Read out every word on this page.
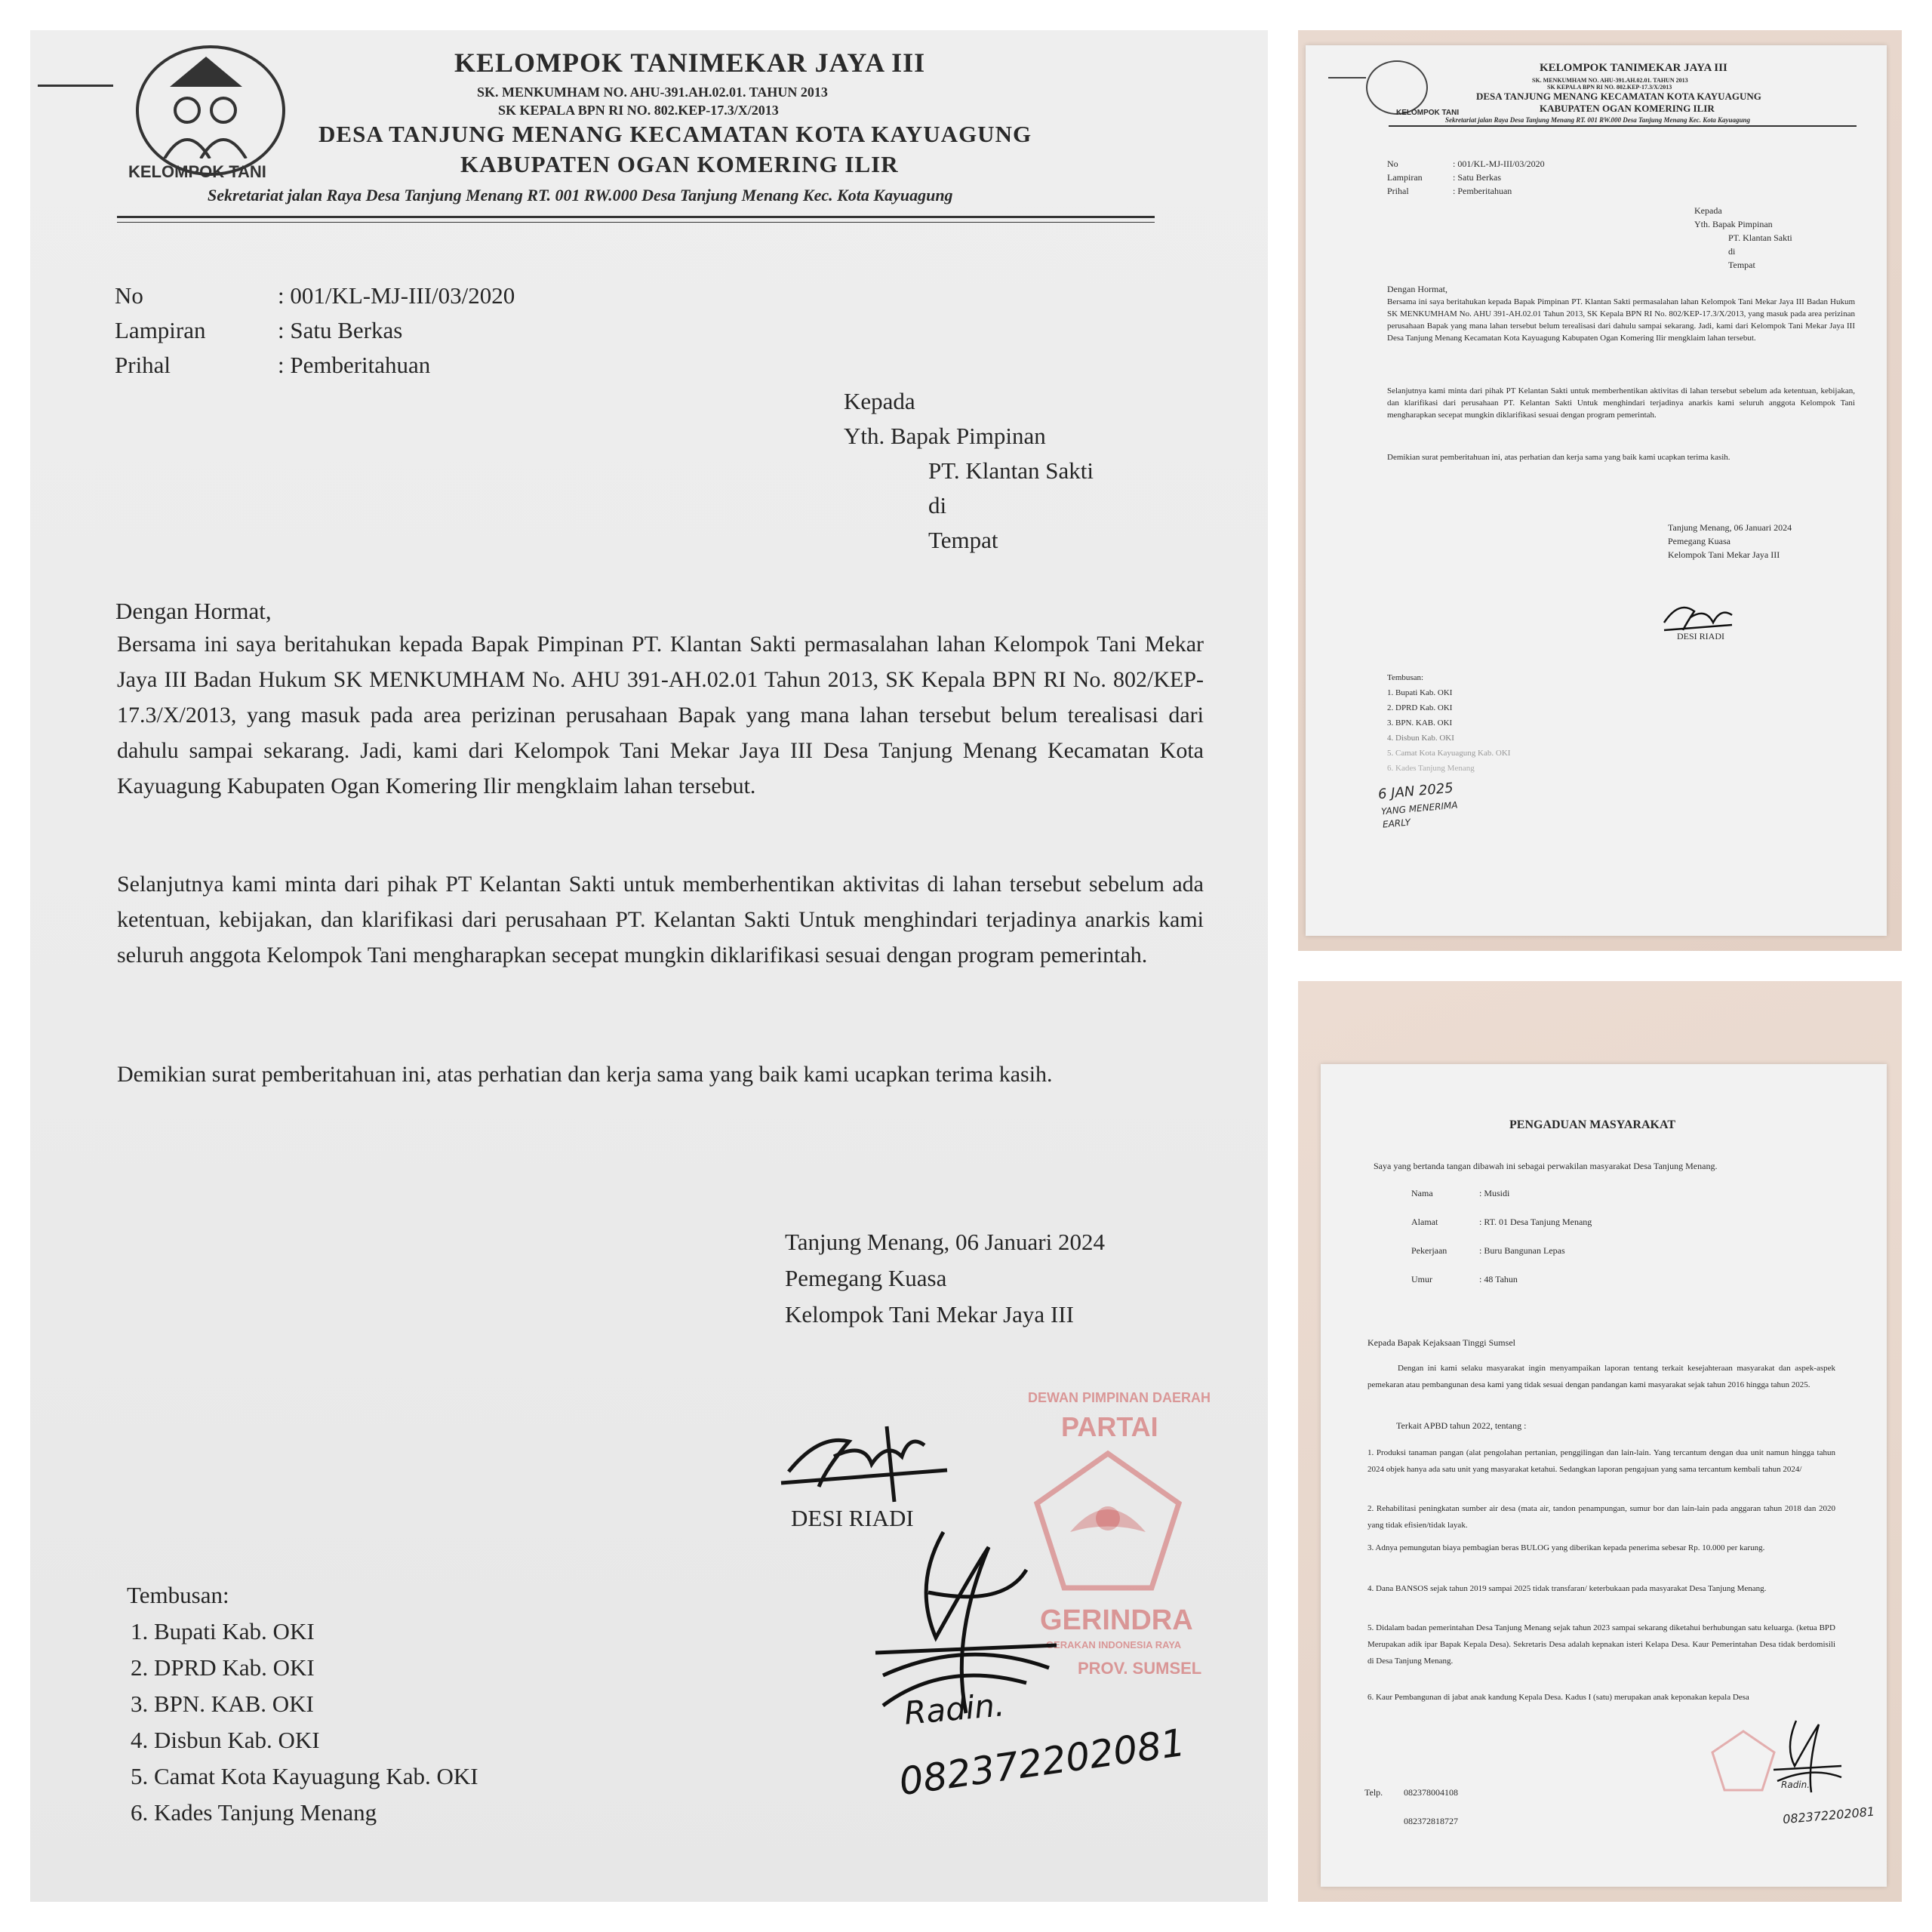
KELOMPOK TANI
KELOMPOK TANIMEKAR JAYA III
SK. MENKUMHAM NO. AHU-391.AH.02.01. TAHUN 2013
SK KEPALA BPN RI NO. 802.KEP-17.3/X/2013
DESA TANJUNG MENANG KECAMATAN KOTA KAYUAGUNG
KABUPATEN OGAN KOMERING ILIR
Sekretariat jalan Raya Desa Tanjung Menang RT. 001 RW.000 Desa Tanjung Menang Kec. Kota Kayuagung
No	: 001/KL-MJ-III/03/2020
Lampiran	: Satu Berkas
Prihal	: Pemberitahuan
Kepada
Yth. Bapak Pimpinan
PT. Klantan Sakti
di
Tempat
Dengan Hormat,
Bersama ini saya beritahukan kepada Bapak Pimpinan PT. Klantan Sakti permasalahan lahan Kelompok Tani Mekar Jaya III Badan Hukum SK MENKUMHAM No. AHU 391-AH.02.01 Tahun 2013, SK Kepala BPN RI No. 802/KEP-17.3/X/2013, yang masuk pada area perizinan perusahaan Bapak yang mana lahan tersebut belum terealisasi dari dahulu sampai sekarang. Jadi, kami dari Kelompok Tani Mekar Jaya III Desa Tanjung Menang Kecamatan Kota Kayuagung Kabupaten Ogan Komering Ilir mengklaim lahan tersebut.
Selanjutnya kami minta dari pihak PT Kelantan Sakti untuk memberhentikan aktivitas di lahan tersebut sebelum ada ketentuan, kebijakan, dan klarifikasi dari perusahaan PT. Kelantan Sakti Untuk menghindari terjadinya anarkis kami seluruh anggota Kelompok Tani mengharapkan secepat mungkin diklarifikasi sesuai dengan program pemerintah.
Demikian surat pemberitahuan ini, atas perhatian dan kerja sama yang baik kami ucapkan terima kasih.
Tanjung Menang, 06 Januari 2024
Pemegang Kuasa
Kelompok Tani Mekar Jaya III
DEWAN PIMPINAN DAERAH
PARTAI
GERINDRA
GERAKAN INDONESIA RAYA
PROV. SUMSEL
DESI RIADI
Radin.
082372202081
Tembusan:
1. Bupati Kab. OKI
2. DPRD Kab. OKI
3. BPN. KAB. OKI
4. Disbun Kab. OKI
5. Camat Kota Kayuagung Kab. OKI
6. Kades Tanjung Menang
KELOMPOK TANI
KELOMPOK TANIMEKAR JAYA III
SK. MENKUMHAM NO. AHU-391.AH.02.01. TAHUN 2013
SK KEPALA BPN RI NO. 802.KEP-17.3/X/2013
DESA TANJUNG MENANG KECAMATAN KOTA KAYUAGUNG
KABUPATEN OGAN KOMERING ILIR
Sekretariat jalan Raya Desa Tanjung Menang RT. 001 RW.000 Desa Tanjung Menang Kec. Kota Kayuagung
No	: 001/KL-MJ-III/03/2020
Lampiran	: Satu Berkas
Prihal	: Pemberitahuan
Kepada
Yth. Bapak Pimpinan
PT. Klantan Sakti
di
Tempat
Dengan Hormat,
Bersama ini saya beritahukan kepada Bapak Pimpinan PT. Klantan Sakti permasalahan lahan Kelompok Tani Mekar Jaya III Badan Hukum SK MENKUMHAM No. AHU 391-AH.02.01 Tahun 2013, SK Kepala BPN RI No. 802/KEP-17.3/X/2013, yang masuk pada area perizinan perusahaan Bapak yang mana lahan tersebut belum terealisasi dari dahulu sampai sekarang. Jadi, kami dari Kelompok Tani Mekar Jaya III Desa Tanjung Menang Kecamatan Kota Kayuagung Kabupaten Ogan Komering Ilir mengklaim lahan tersebut.
Selanjutnya kami minta dari pihak PT Kelantan Sakti untuk memberhentikan aktivitas di lahan tersebut sebelum ada ketentuan, kebijakan, dan klarifikasi dari perusahaan PT. Kelantan Sakti Untuk menghindari terjadinya anarkis kami seluruh anggota Kelompok Tani mengharapkan secepat mungkin diklarifikasi sesuai dengan program pemerintah.
Demikian surat pemberitahuan ini, atas perhatian dan kerja sama yang baik kami ucapkan terima kasih.
Tanjung Menang, 06 Januari 2024
Pemegang Kuasa
Kelompok Tani Mekar Jaya III
DESI RIADI
Tembusan:
1. Bupati Kab. OKI
2. DPRD Kab. OKI
3. BPN. KAB. OKI
4. Disbun Kab. OKI
5. Camat Kota Kayuagung Kab. OKI
6. Kades Tanjung Menang
6 JAN 2025
YANG MENERIMA
EARLY
PENGADUAN MASYARAKAT
Saya yang bertanda tangan dibawah ini sebagai perwakilan masyarakat Desa Tanjung Menang.
Nama	: Musidi
Alamat	: RT. 01 Desa Tanjung Menang
Pekerjaan	: Buru Bangunan Lepas
Umur	: 48 Tahun
Kepada Bapak Kejaksaan Tinggi Sumsel
Dengan ini kami selaku masyarakat ingin menyampaikan laporan tentang terkait kesejahteraan masyarakat dan aspek-aspek pemekaran atau pembangunan desa kami yang tidak sesuai dengan pandangan kami masyarakat sejak tahun 2016 hingga tahun 2025.
Terkait APBD tahun 2022, tentang :
1. Produksi tanaman pangan (alat pengolahan pertanian, penggilingan dan lain-lain. Yang tercantum dengan dua unit namun hingga tahun 2024 objek hanya ada satu unit yang masyarakat ketahui. Sedangkan laporan pengajuan yang sama tercantum kembali tahun 2024/
2. Rehabilitasi peningkatan sumber air desa (mata air, tandon penampungan, sumur bor dan lain-lain pada anggaran tahun 2018 dan 2020 yang tidak efisien/tidak layak.
3. Adnya pemungutan biaya pembagian beras BULOG yang diberikan kepada penerima sebesar Rp. 10.000 per karung.
4. Dana BANSOS sejak tahun 2019 sampai 2025 tidak transfaran/ keterbukaan pada masyarakat Desa Tanjung Menang.
5. Didalam badan pemerintahan Desa Tanjung Menang sejak tahun 2023 sampai sekarang diketahui berhubungan satu keluarga. (ketua BPD Merupakan adik ipar Bapak Kepala Desa). Sekretaris Desa adalah kepnakan isteri Kelapa Desa. Kaur Pemerintahan Desa tidak berdomisili di Desa Tanjung Menang.
6. Kaur Pembangunan di jabat anak kandung Kepala Desa. Kadus I (satu) merupakan anak keponakan kepala Desa
Radin.
082372202081
Telp. 082378004108
082372818727
